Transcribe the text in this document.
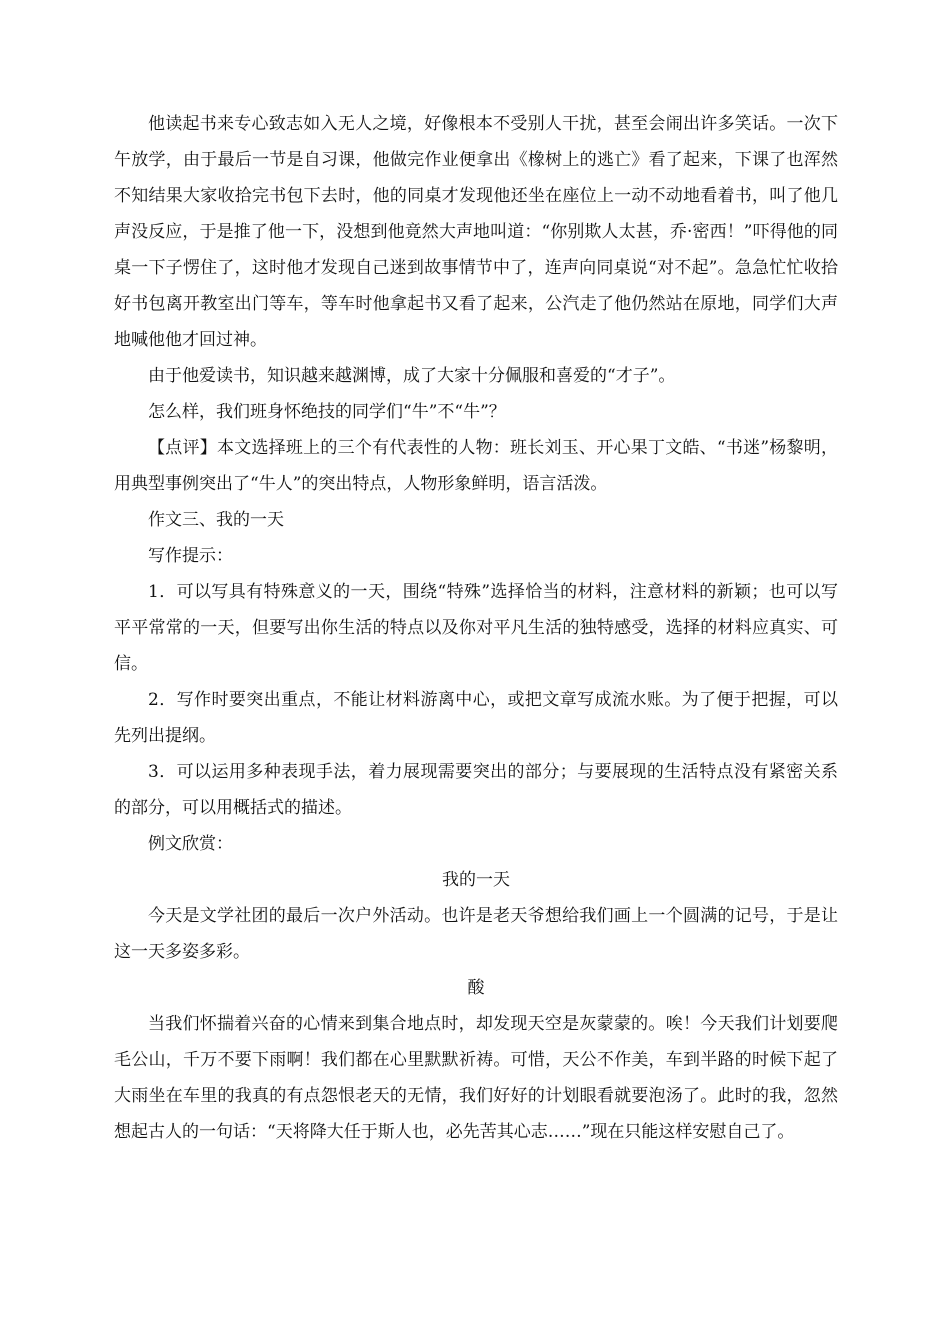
他读起书来专心致志如入无人之境，好像根本不受别人干扰，甚至会闹出许多笑话。一次下午放学，由于最后一节是自习课，他做完作业便拿出《橡树上的逃亡》看了起来，下课了也浑然不知结果大家收拾完书包下去时，他的同桌才发现他还坐在座位上一动不动地看着书，叫了他几声没反应，于是推了他一下，没想到他竟然大声地叫道：“你别欺人太甚，乔·密西！”吓得他的同桌一下子愣住了，这时他才发现自己迷到故事情节中了，连声向同桌说“对不起”。急急忙忙收拾好书包离开教室出门等车，等车时他拿起书又看了起来，公汽走了他仍然站在原地，同学们大声地喊他他才回过神。

由于他爱读书，知识越来越渊博，成了大家十分佩服和喜爱的“才子”。

怎么样，我们班身怀绝技的同学们“牛”不“牛”？

【点评】本文选择班上的三个有代表性的人物：班长刘玉、开心果丁文皓、“书迷”杨黎明，用典型事例突出了“牛人”的突出特点，人物形象鲜明，语言活泼。

作文三、我的一天

写作提示：

1．可以写具有特殊意义的一天，围绕“特殊”选择恰当的材料，注意材料的新颖；也可以写平平常常的一天，但要写出你生活的特点以及你对平凡生活的独特感受，选择的材料应真实、可信。

2．写作时要突出重点，不能让材料游离中心，或把文章写成流水账。为了便于把握，可以先列出提纲。

3．可以运用多种表现手法，着力展现需要突出的部分；与要展现的生活特点没有紧密关系的部分，可以用概括式的描述。

例文欣赏：

我的一天

今天是文学社团的最后一次户外活动。也许是老天爷想给我们画上一个圆满的记号，于是让这一天多姿多彩。

酸

当我们怀揣着兴奋的心情来到集合地点时，却发现天空是灰蒙蒙的。唉！今天我们计划要爬毛公山，千万不要下雨啊！我们都在心里默默祈祷。可惜，天公不作美，车到半路的时候下起了大雨坐在车里的我真的有点怨恨老天的无情，我们好好的计划眼看就要泡汤了。此时的我，忽然想起古人的一句话：“天将降大任于斯人也，必先苦其心志……”现在只能这样安慰自己了。
